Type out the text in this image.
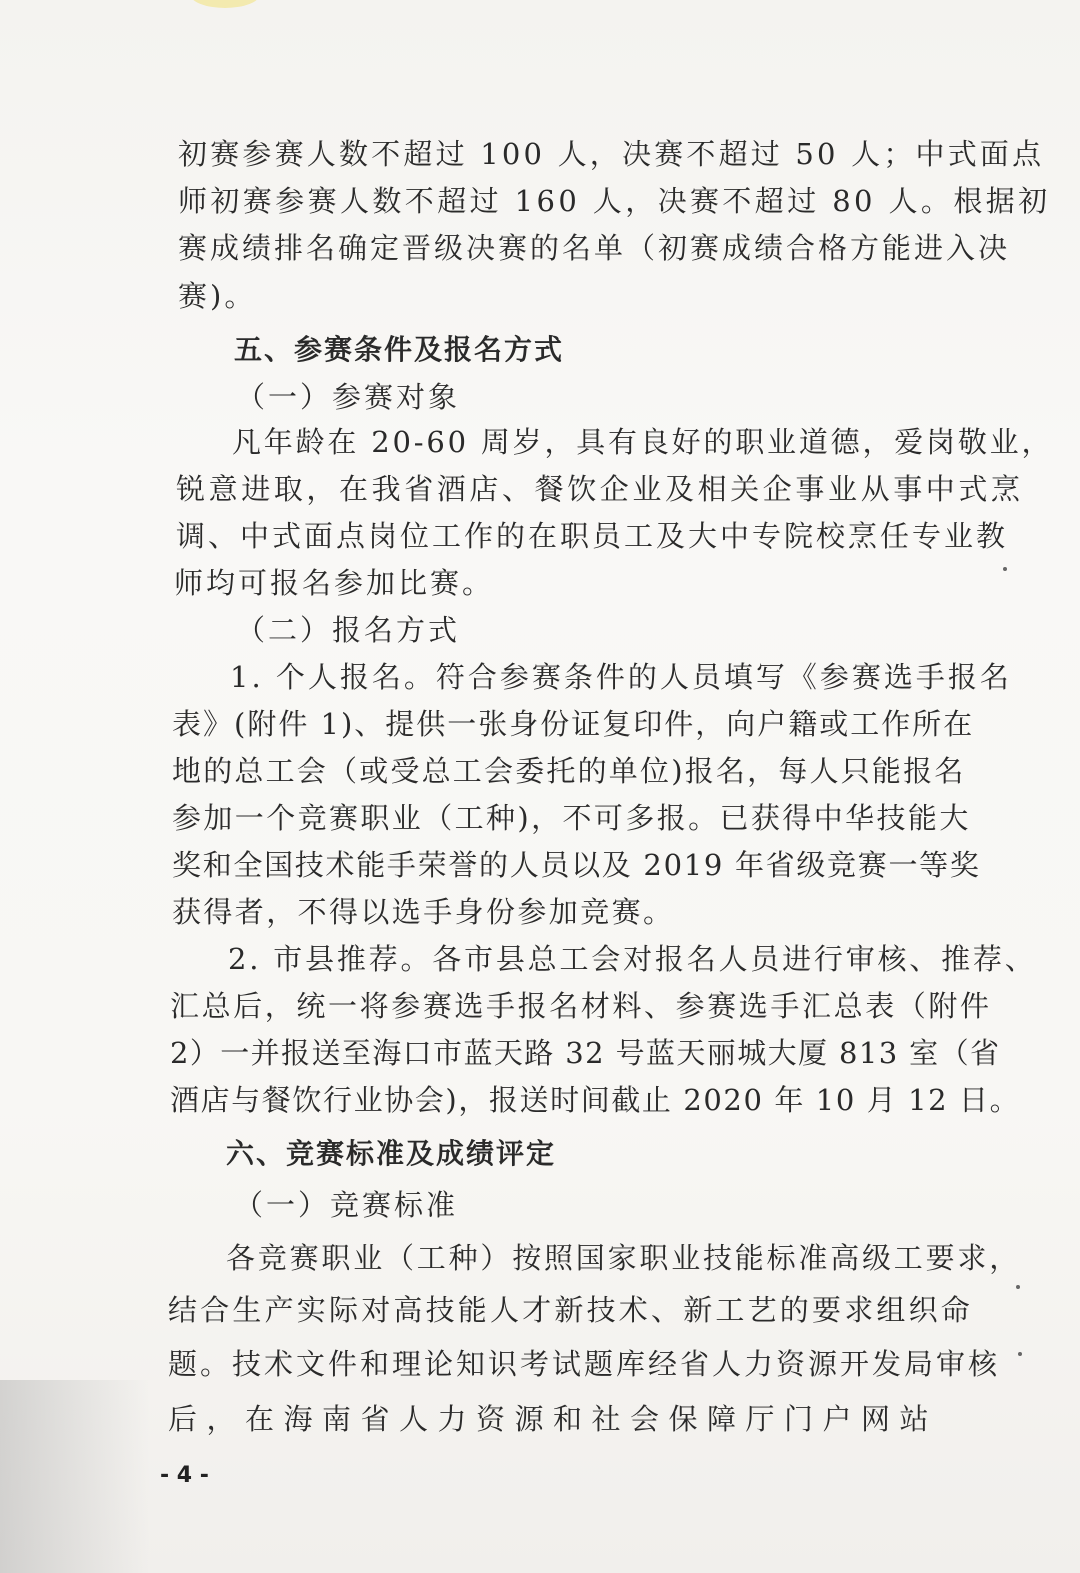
初赛参赛人数不超过 100 人，决赛不超过 50 人；中式面点
师初赛参赛人数不超过 160 人，决赛不超过 80 人。根据初
赛成绩排名确定晋级决赛的名单（初赛成绩合格方能进入决
赛)。
五、参赛条件及报名方式
（一）参赛对象
凡年龄在 20-60 周岁，具有良好的职业道德，爱岗敬业，
锐意进取，在我省酒店、餐饮企业及相关企事业从事中式烹
调、中式面点岗位工作的在职员工及大中专院校烹任专业教
师均可报名参加比赛。
（二）报名方式
1. 个人报名。符合参赛条件的人员填写《参赛选手报名
表》(附件 1)、提供一张身份证复印件，向户籍或工作所在
地的总工会（或受总工会委托的单位)报名，每人只能报名
参加一个竞赛职业（工种)，不可多报。已获得中华技能大
奖和全国技术能手荣誉的人员以及 2019 年省级竞赛一等奖
获得者，不得以选手身份参加竞赛。
2. 市县推荐。各市县总工会对报名人员进行审核、推荐、
汇总后，统一将参赛选手报名材料、参赛选手汇总表（附件
2）一并报送至海口市蓝天路 32 号蓝天丽城大厦 813 室（省
酒店与餐饮行业协会)，报送时间截止 2020 年 10 月 12 日。
六、竞赛标准及成绩评定
（一）竞赛标准
各竞赛职业（工种）按照国家职业技能标准高级工要求，
结合生产实际对高技能人才新技术、新工艺的要求组织命
题。技术文件和理论知识考试题库经省人力资源开发局审核
后，在海南省人力资源和社会保障厅门户网站
- 4 -
